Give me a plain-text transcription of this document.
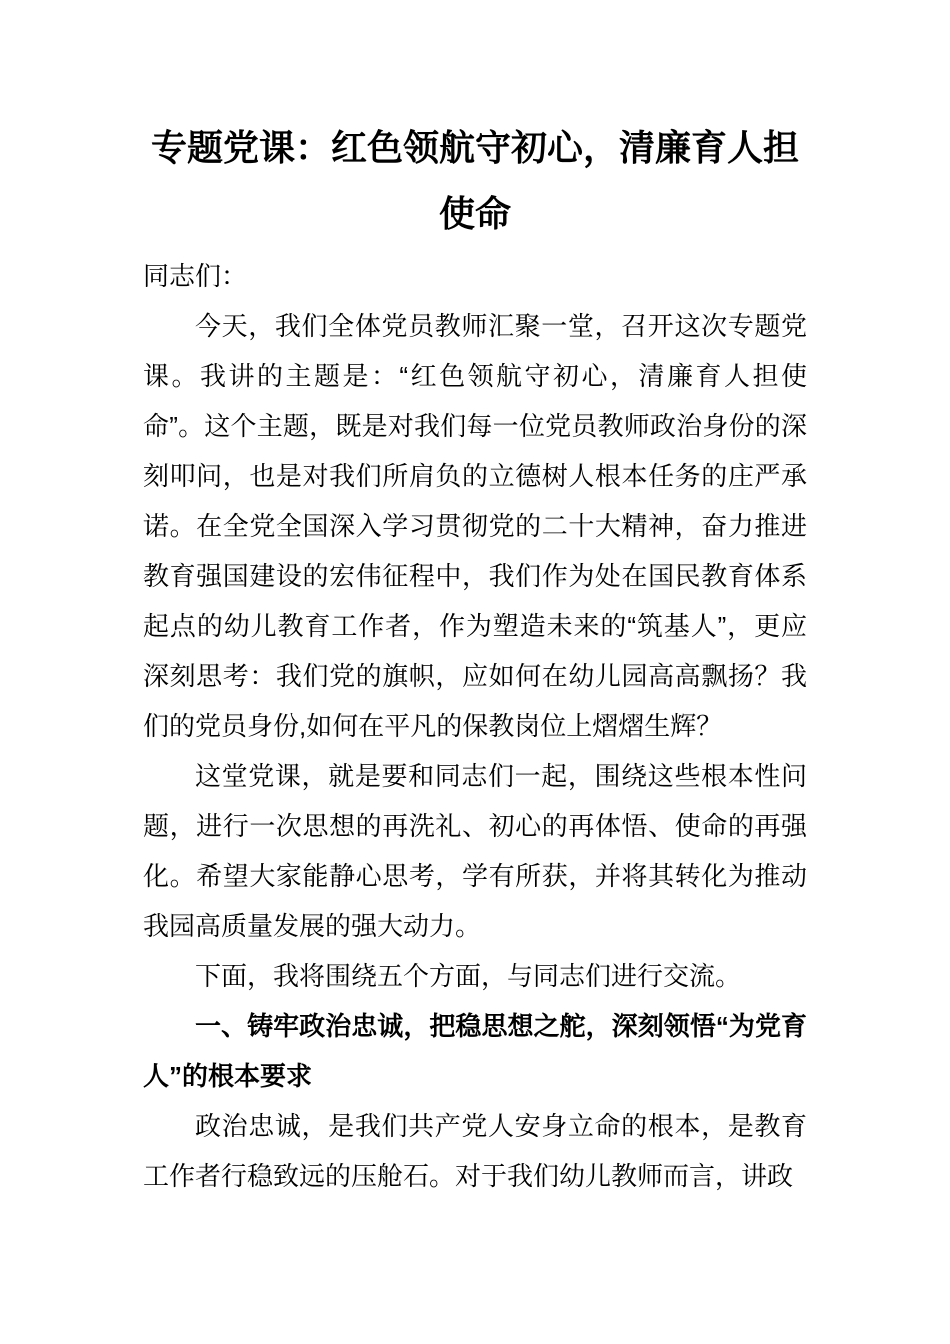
专题党课：红色领航守初心，清廉育人担使命

同志们：

今天，我们全体党员教师汇聚一堂，召开这次专题党课。我讲的主题是：“红色领航守初心，清廉育人担使命”。这个主题，既是对我们每一位党员教师政治身份的深刻叩问，也是对我们所肩负的立德树人根本任务的庄严承诺。在全党全国深入学习贯彻党的二十大精神，奋力推进教育强国建设的宏伟征程中，我们作为处在国民教育体系起点的幼儿教育工作者，作为塑造未来的“筑基人”，更应深刻思考：我们党的旗帜，应如何在幼儿园高高飘扬？我们的党员身份,如何在平凡的保教岗位上熠熠生辉？

这堂党课，就是要和同志们一起，围绕这些根本性问题，进行一次思想的再洗礼、初心的再体悟、使命的再强化。希望大家能静心思考，学有所获，并将其转化为推动我园高质量发展的强大动力。

下面，我将围绕五个方面，与同志们进行交流。

一、铸牢政治忠诚，把稳思想之舵，深刻领悟“为党育人”的根本要求

政治忠诚，是我们共产党人安身立命的根本，是教育工作者行稳致远的压舱石。对于我们幼儿教师而言，讲政
